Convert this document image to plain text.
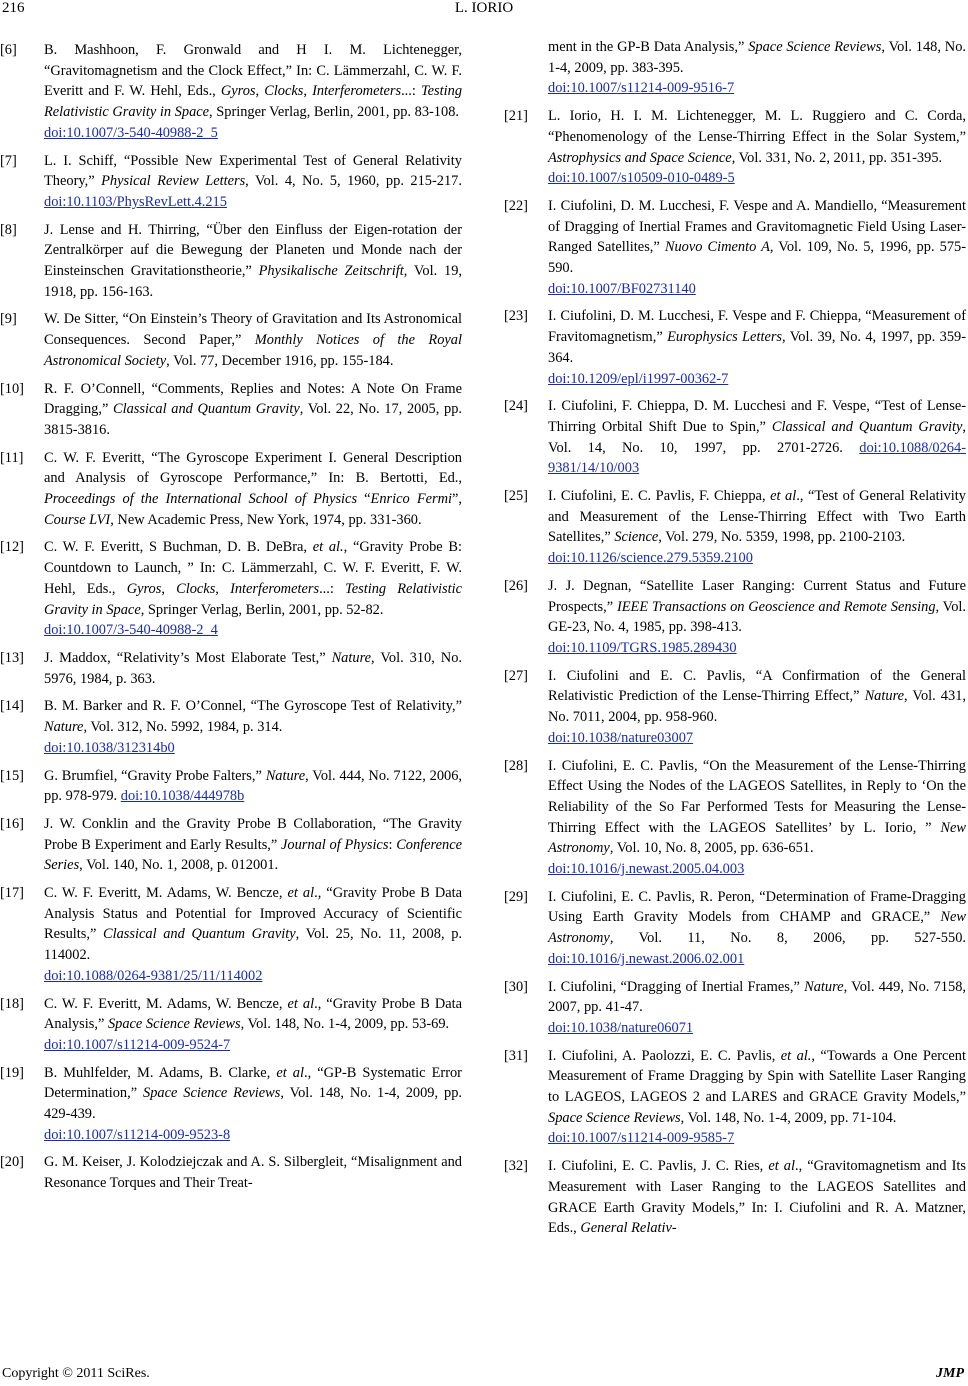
216	L. IORIO
[6] B. Mashhoon, F. Gronwald and H I. M. Lichtenegger, “Gravitomagnetism and the Clock Effect,” In: C. Lämmerzahl, C. W. F. Everitt and F. W. Hehl, Eds., Gyros, Clocks, Interferometers...: Testing Relativistic Gravity in Space, Springer Verlag, Berlin, 2001, pp. 83-108.
doi:10.1007/3-540-40988-2_5
[7] L. I. Schiff, “Possible New Experimental Test of General Relativity Theory,” Physical Review Letters, Vol. 4, No. 5, 1960, pp. 215-217. doi:10.1103/PhysRevLett.4.215
[8] J. Lense and H. Thirring, “Über den Einfluss der Eigen-rotation der Zentralkörper auf die Bewegung der Planeten und Monde nach der Einsteinschen Gravitationstheorie,” Physikalische Zeitschrift, Vol. 19, 1918, pp. 156-163.
[9] W. De Sitter, “On Einstein’s Theory of Gravitation and Its Astronomical Consequences. Second Paper,” Monthly Notices of the Royal Astronomical Society, Vol. 77, December 1916, pp. 155-184.
[10] R. F. O’Connell, “Comments, Replies and Notes: A Note On Frame Dragging,” Classical and Quantum Gravity, Vol. 22, No. 17, 2005, pp. 3815-3816.
[11] C. W. F. Everitt, “The Gyroscope Experiment I. General Description and Analysis of Gyroscope Performance,” In: B. Bertotti, Ed., Proceedings of the International School of Physics “Enrico Fermi”, Course LVI, New Academic Press, New York, 1974, pp. 331-360.
[12] C. W. F. Everitt, S Buchman, D. B. DeBra, et al., “Gravity Probe B: Countdown to Launch, ” In: C. Lämmerzahl, C. W. F. Everitt, F. W. Hehl, Eds., Gyros, Clocks, Interferometers...: Testing Relativistic Gravity in Space, Springer Verlag, Berlin, 2001, pp. 52-82.
doi:10.1007/3-540-40988-2_4
[13] J. Maddox, “Relativity’s Most Elaborate Test,” Nature, Vol. 310, No. 5976, 1984, p. 363.
[14] B. M. Barker and R. F. O’Connel, “The Gyroscope Test of Relativity,” Nature, Vol. 312, No. 5992, 1984, p. 314.
doi:10.1038/312314b0
[15] G. Brumfiel, “Gravity Probe Falters,” Nature, Vol. 444, No. 7122, 2006, pp. 978-979. doi:10.1038/444978b
[16] J. W. Conklin and the Gravity Probe B Collaboration, “The Gravity Probe B Experiment and Early Results,” Journal of Physics: Conference Series, Vol. 140, No. 1, 2008, p. 012001.
[17] C. W. F. Everitt, M. Adams, W. Bencze, et al., “Gravity Probe B Data Analysis Status and Potential for Improved Accuracy of Scientific Results,” Classical and Quantum Gravity, Vol. 25, No. 11, 2008, p. 114002.
doi:10.1088/0264-9381/25/11/114002
[18] C. W. F. Everitt, M. Adams, W. Bencze, et al., “Gravity Probe B Data Analysis,” Space Science Reviews, Vol. 148, No. 1-4, 2009, pp. 53-69.
doi:10.1007/s11214-009-9524-7
[19] B. Muhlfelder, M. Adams, B. Clarke, et al., “GP-B Systematic Error Determination,” Space Science Reviews, Vol. 148, No. 1-4, 2009, pp. 429-439.
doi:10.1007/s11214-009-9523-8
[20] G. M. Keiser, J. Kolodziejczak and A. S. Silbergleit, “Misalignment and Resonance Torques and Their Treat-
ment in the GP-B Data Analysis,” Space Science Reviews, Vol. 148, No. 1-4, 2009, pp. 383-395.
doi:10.1007/s11214-009-9516-7
[21] L. Iorio, H. I. M. Lichtenegger, M. L. Ruggiero and C. Corda, “Phenomenology of the Lense-Thirring Effect in the Solar System,” Astrophysics and Space Science, Vol. 331, No. 2, 2011, pp. 351-395.
doi:10.1007/s10509-010-0489-5
[22] I. Ciufolini, D. M. Lucchesi, F. Vespe and A. Mandiello, “Measurement of Dragging of Inertial Frames and Gravitomagnetic Field Using Laser-Ranged Satellites,” Nuovo Cimento A, Vol. 109, No. 5, 1996, pp. 575-590.
doi:10.1007/BF02731140
[23] I. Ciufolini, D. M. Lucchesi, F. Vespe and F. Chieppa, “Measurement of Fravitomagnetism,” Europhysics Letters, Vol. 39, No. 4, 1997, pp. 359-364.
doi:10.1209/epl/i1997-00362-7
[24] I. Ciufolini, F. Chieppa, D. M. Lucchesi and F. Vespe, “Test of Lense-Thirring Orbital Shift Due to Spin,” Classical and Quantum Gravity, Vol. 14, No. 10, 1997, pp. 2701-2726. doi:10.1088/0264-9381/14/10/003
[25] I. Ciufolini, E. C. Pavlis, F. Chieppa, et al., “Test of General Relativity and Measurement of the Lense-Thirring Effect with Two Earth Satellites,” Science, Vol. 279, No. 5359, 1998, pp. 2100-2103.
doi:10.1126/science.279.5359.2100
[26] J. J. Degnan, “Satellite Laser Ranging: Current Status and Future Prospects,” IEEE Transactions on Geoscience and Remote Sensing, Vol. GE-23, No. 4, 1985, pp. 398-413.
doi:10.1109/TGRS.1985.289430
[27] I. Ciufolini and E. C. Pavlis, “A Confirmation of the General Relativistic Prediction of the Lense-Thirring Effect,” Nature, Vol. 431, No. 7011, 2004, pp. 958-960.
doi:10.1038/nature03007
[28] I. Ciufolini, E. C. Pavlis, “On the Measurement of the Lense-Thirring Effect Using the Nodes of the LAGEOS Satellites, in Reply to ‘On the Reliability of the So Far Performed Tests for Measuring the Lense-Thirring Effect with the LAGEOS Satellites’ by L. Iorio, ” New Astronomy, Vol. 10, No. 8, 2005, pp. 636-651.
doi:10.1016/j.newast.2005.04.003
[29] I. Ciufolini, E. C. Pavlis, R. Peron, “Determination of Frame-Dragging Using Earth Gravity Models from CHAMP and GRACE,” New Astronomy, Vol. 11, No. 8, 2006, pp. 527-550. doi:10.1016/j.newast.2006.02.001
[30] I. Ciufolini, “Dragging of Inertial Frames,” Nature, Vol. 449, No. 7158, 2007, pp. 41-47.
doi:10.1038/nature06071
[31] I. Ciufolini, A. Paolozzi, E. C. Pavlis, et al., “Towards a One Percent Measurement of Frame Dragging by Spin with Satellite Laser Ranging to LAGEOS, LAGEOS 2 and LARES and GRACE Gravity Models,” Space Science Reviews, Vol. 148, No. 1-4, 2009, pp. 71-104.
doi:10.1007/s11214-009-9585-7
[32] I. Ciufolini, E. C. Pavlis, J. C. Ries, et al., “Gravitomagnetism and Its Measurement with Laser Ranging to the LAGEOS Satellites and GRACE Earth Gravity Models,” In: I. Ciufolini and R. A. Matzner, Eds., General Relativ-
Copyright © 2011 SciRes.	JMP
